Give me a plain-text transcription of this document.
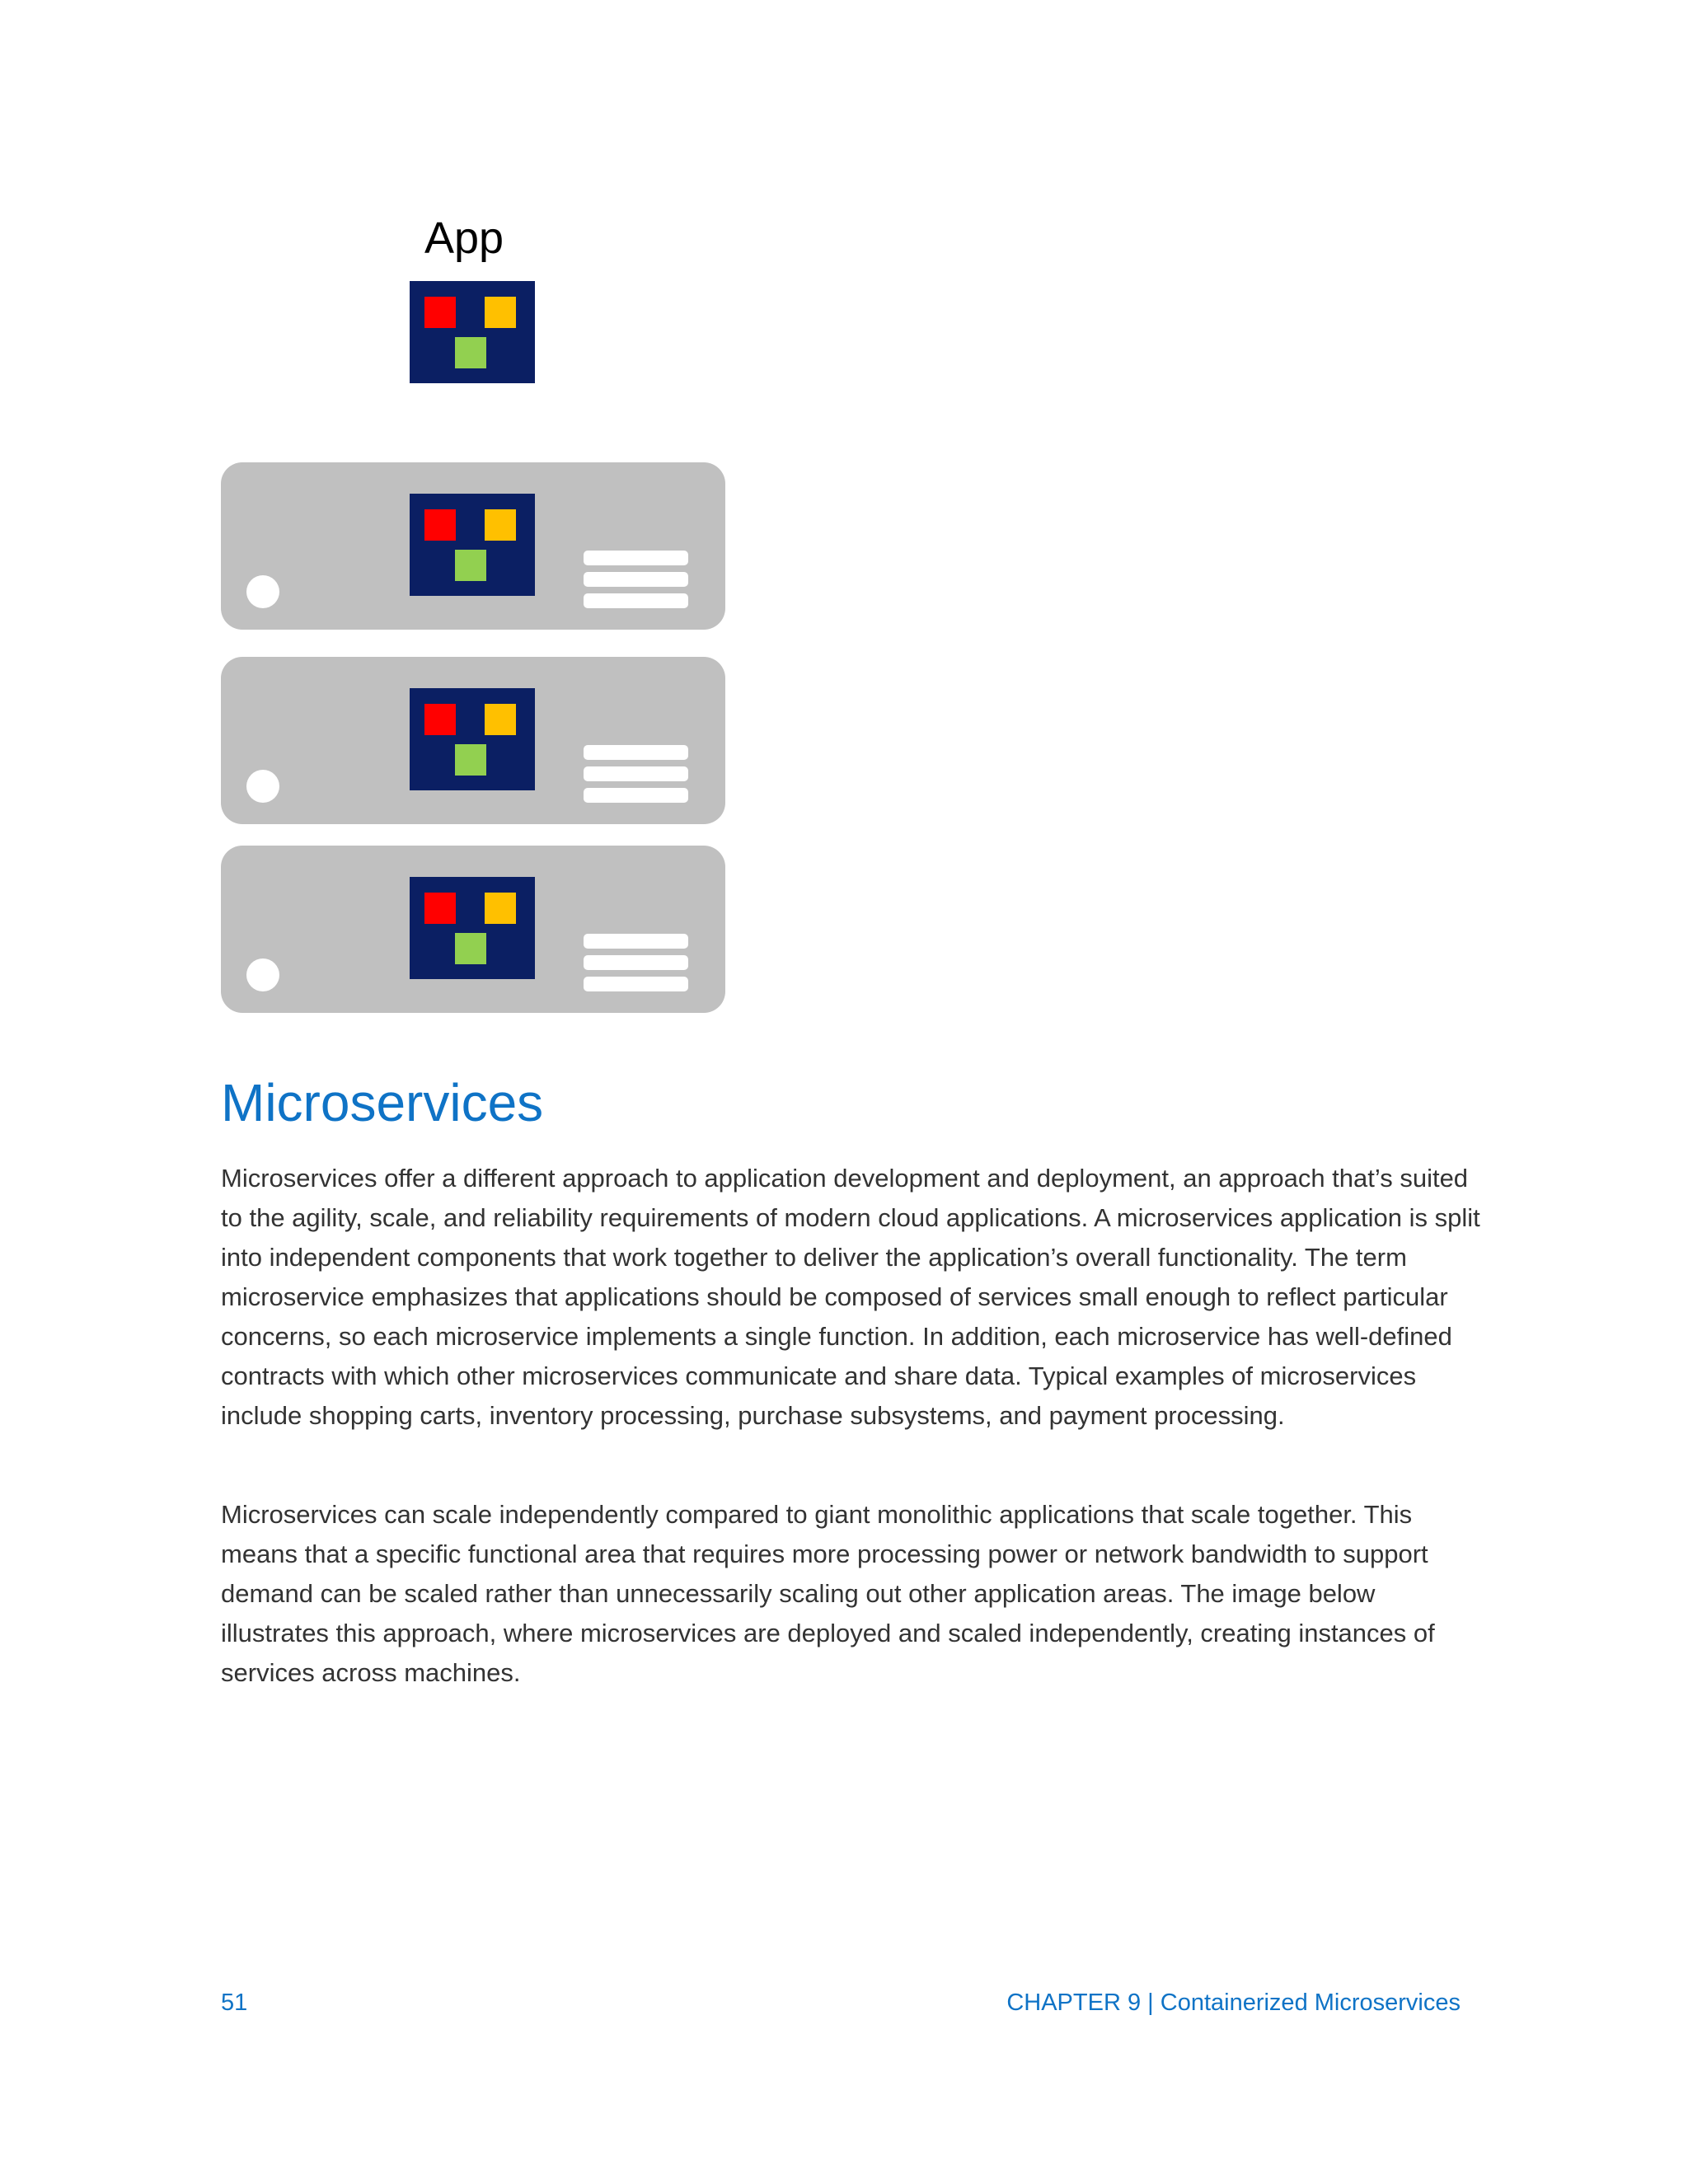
App
Microservices

Microservices offer a different approach to application development and deployment, an approach that’s suited to the agility, scale, and reliability requirements of modern cloud applications. A microservices application is split into independent components that work together to deliver the application’s overall functionality. The term microservice emphasizes that applications should be composed of services small enough to reflect particular concerns, so each microservice implements a single function. In addition, each microservice has well-defined contracts with which other microservices communicate and share data. Typical examples of microservices include shopping carts, inventory processing, purchase subsystems, and payment processing.

Microservices can scale independently compared to giant monolithic applications that scale together. This means that a specific functional area that requires more processing power or network bandwidth to support demand can be scaled rather than unnecessarily scaling out other application areas. The image below illustrates this approach, where microservices are deployed and scaled independently, creating instances of services across machines.

51	CHAPTER 9 | Containerized Microservices
